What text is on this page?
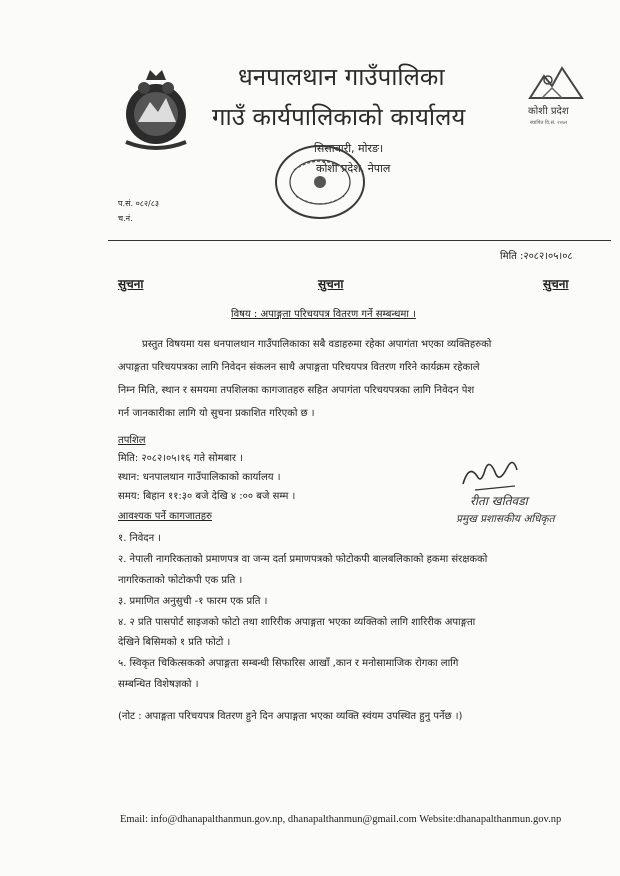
कोशी प्रदेश
स्थापित वि.सं. २०७२
धनपालथान गाउँपालिका
गाउँ कार्यपालिकाको कार्यालय
सिसाबारी, मोरङ।
कोशी प्रदेश, नेपाल
प.सं. ०८२/८३
च.नं.
मिति :२०८२।०५।०८
सुचना	सुचना	सुचना
विषय : अपाङ्गता परिचयपत्र वितरण गर्ने सम्बन्धमा ।
प्रस्तुत विषयमा यस धनपालथान गाउँपालिकाका सबै वडाहरुमा रहेका अपागंता भएका व्यक्तिहरुको
अपाङ्गता परिचयपत्रका लागि निवेदन संकलन साथै अपाङ्गता परिचयपत्र वितरण गरिने कार्यक्रम रहेकाले
निम्न मिति, स्थान र समयमा तपशिलका कागजातहरु सहित अपागंता परिचयपत्रका लागि निवेदन पेश
गर्न जानकारीका लागि यो सुचना प्रकाशित गरिएको छ ।
तपशिल
मिति: २०८२।०५।१६ गते सोमबार ।
स्थान: धनपालथान गाउँपालिकाको कार्यालय ।
समय: बिहान ११:३० बजे देखि ४ :०० बजे सम्म ।	रीता खतिवडा
प्रमुख प्रशासकीय अधिकृत
आवश्यक पर्ने कागजातहरु
१. निवेदन ।
२. नेपाली नागरिकताको प्रमाणपत्र वा जन्म दर्ता प्रमाणपत्रको फोटोकपी बालबलिकाको हकमा संरक्षकको
नागरिकताको फोटोकपी एक प्रति ।
३. प्रमाणित अनुसुची -१ फारम एक प्रति ।
४. २ प्रति पासपोर्ट साइजको फोटो तथा शारिरीक अपाङ्गता भएका व्यक्तिको लागि शारिरीक अपाङ्गता
देखिने बिसिमको १ प्रति फोटो ।
५. स्विकृत चिकित्सकको अपाङ्गता सम्बन्धी सिफारिस आखाँ ,कान र मनोसामाजिक रोगका लागि
सम्बन्धित विशेषज्ञको ।
(नोट : अपाङ्गता परिचयपत्र वितरण हुने दिन अपाङ्गता भएका व्यक्ति स्वंयम उपस्थित हुनु पर्नेछ ।)
Email: info@dhanapalthanmun.gov.np, dhanapalthanmun@gmail.com Website:dhanapalthanmun.gov.np
